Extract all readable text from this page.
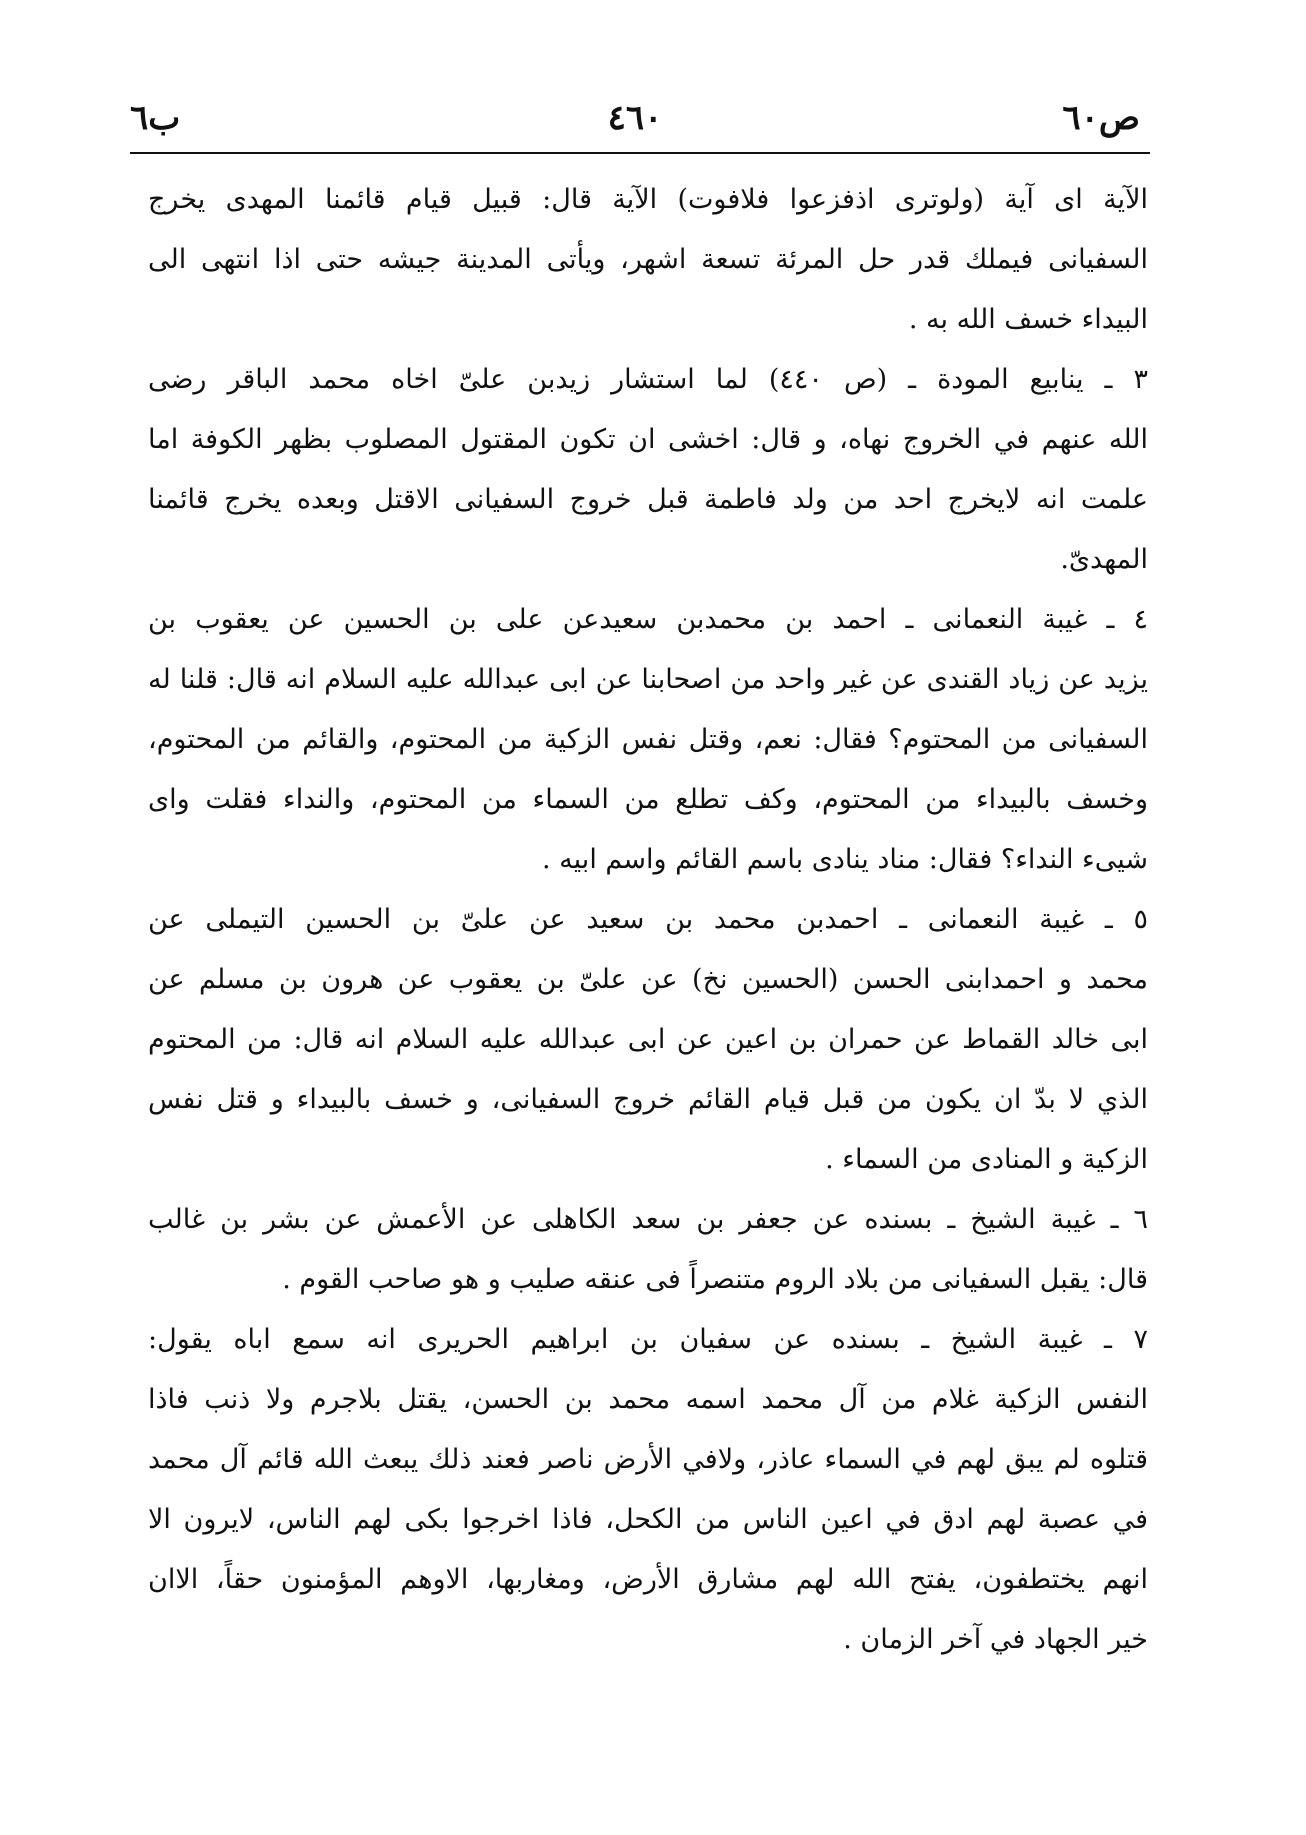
ص٦٠
٤٦٠
ب٦
الآية اى آية (ولوترى اذفزعوا فلافوت) الآية قال: قبيل قيام قائمنا المهدى يخرج
السفيانى فيملك قدر حل المرئة تسعة اشهر، ويأتى المدينة جيشه حتى اذا انتهى الى
البيداء خسف الله به .
٣ ـ ينابيع المودة ـ (ص ٤٤٠) لما استشار زيدبن علىّ اخاه محمد الباقر رضى
الله عنهم في الخروج نهاه، و قال: اخشى ان تكون المقتول المصلوب بظهر الكوفة اما
علمت انه لايخرج احد من ولد فاطمة قبل خروج السفيانى الاقتل وبعده يخرج قائمنا
المهدىّ.
٤ ـ غيبة النعمانى ـ احمد بن محمدبن سعيدعن على بن الحسين عن يعقوب بن
يزيد عن زياد القندى عن غير واحد من اصحابنا عن ابى عبدالله عليه السلام انه قال: قلنا له
السفيانى من المحتوم؟ فقال: نعم، وقتل نفس الزكية من المحتوم، والقائم من المحتوم،
وخسف بالبيداء من المحتوم، وكف تطلع من السماء من المحتوم، والنداء فقلت واى
شيىء النداء؟ فقال: مناد ينادى باسم القائم واسم ابيه .
٥ ـ غيبة النعمانى ـ احمدبن محمد بن سعيد عن علىّ بن الحسين التيملى عن
محمد و احمدابنى الحسن (الحسين نخ) عن علىّ بن يعقوب عن هرون بن مسلم عن
ابى خالد القماط عن حمران بن اعين عن ابى عبدالله عليه السلام انه قال: من المحتوم
الذي لا بدّ ان يكون من قبل قيام القائم خروج السفيانى، و خسف بالبيداء و قتل نفس
الزكية و المنادى من السماء .
٦ ـ غيبة الشيخ ـ بسنده عن جعفر بن سعد الكاهلى عن الأعمش عن بشر بن غالب
قال: يقبل السفيانى من بلاد الروم متنصراً فى عنقه صليب و هو صاحب القوم .
٧ ـ غيبة الشيخ ـ بسنده عن سفيان بن ابراهيم الحريرى انه سمع اباه يقول:
النفس الزكية غلام من آل محمد اسمه محمد بن الحسن، يقتل بلاجرم ولا ذنب فاذا
قتلوه لم يبق لهم في السماء عاذر، ولافي الأرض ناصر فعند ذلك يبعث الله قائم آل محمد
في عصبة لهم ادق في اعين الناس من الكحل، فاذا اخرجوا بكى لهم الناس، لايرون الا
انهم يختطفون، يفتح الله لهم مشارق الأرض، ومغاربها، الاوهم المؤمنون حقاً، الاان
خير الجهاد في آخر الزمان .
